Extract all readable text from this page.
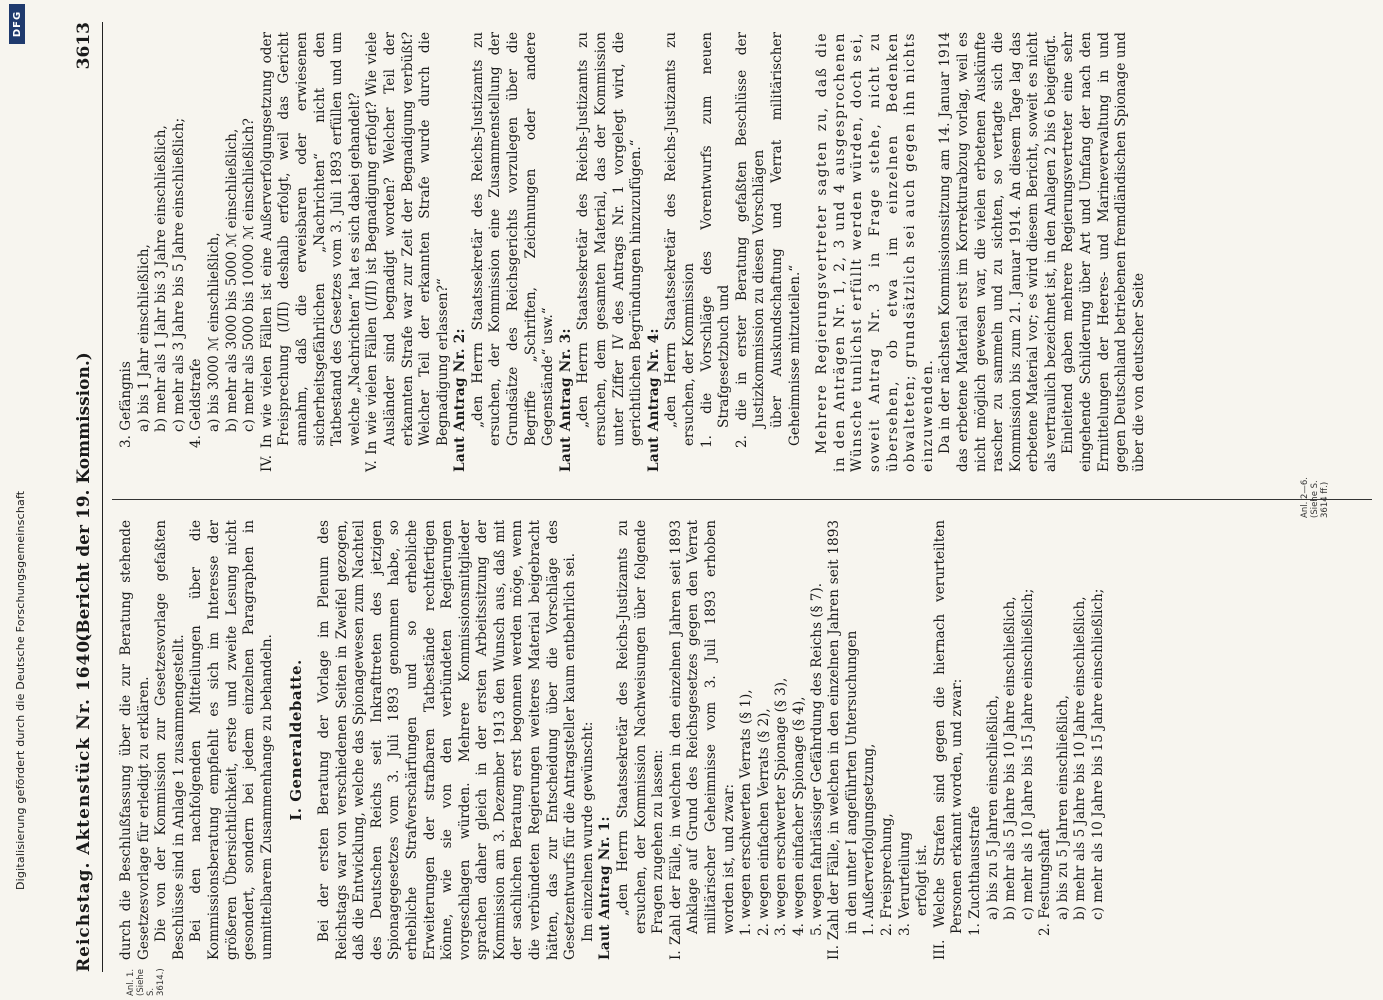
Digitalisierung gefördert durch die Deutsche Forschungsgemeinschaft
DFG
Reichstag. Aktenstück Nr. 1640.
(Bericht der 19. Kommission.)
3613
Anl. 1. (Siehe S. 3614.)
Anl. 2—6. (Siehe S. 3614 ff.)

durch die Beschlußfassung über die zur Beratung stehende Gesetzesvorlage für erledigt zu erklären. Die von der Kommission zur Gesetzesvorlage gefaßten Beschlüsse sind in Anlage 1 zusammengestellt. Bei den nachfolgenden Mitteilungen über die Kommissionsberatung empfiehlt es sich im Interesse der größeren Übersichtlichkeit, erste und zweite Lesung nicht gesondert, sondern bei jedem einzelnen Paragraphen in unmittelbarem Zusammenhange zu behandeln. I. Generaldebatte. Bei der ersten Beratung der Vorlage im Plenum des Reichstags war von verschiedenen Seiten in Zweifel gezogen, daß die Entwicklung, welche das Spionagewesen zum Nachteil des Deutschen Reichs seit Inkrafttreten des jetzigen Spionagegesetzes vom 3. Juli 1893 genommen habe, so erhebliche Strafverschärfungen und so erhebliche Erweiterungen der strafbaren Tatbestände rechtfertigen könne, wie sie von den verbündeten Regierungen vorgeschlagen würden. Mehrere Kommissionsmitglieder sprachen daher gleich in der ersten Arbeitssitzung der Kommission am 3. Dezember 1913 den Wunsch aus, daß mit der sachlichen Beratung erst begonnen werden möge, wenn die verbündeten Regierungen weiteres Material beigebracht hätten, das zur Entscheidung über die Vorschläge des Gesetzentwurfs für die Antragsteller kaum entbehrlich sei. Im einzelnen wurde gewünscht: Laut Antrag Nr. 1: „den Herrn Staatssekretär des Reichs-Justizamts zu ersuchen, der Kommission Nachweisungen über folgende Fragen zugehen zu lassen: I. Zahl der Fälle, in welchen in den einzelnen Jahren seit 1893 Anklage auf Grund des Reichsgesetzes gegen den Verrat militärischer Geheimnisse vom 3. Juli 1893 erhoben worden ist, und zwar: 1. wegen erschwerten Verrats (§ 1), 2. wegen einfachen Verrats (§ 2), 3. wegen erschwerter Spionage (§ 3), 4. wegen einfacher Spionage (§ 4), 5. wegen fahrlässiger Gefährdung des Reichs (§ 7). II. Zahl der Fälle, in welchen in den einzelnen Jahren seit 1893 in den unter I angeführten Untersuchungen 1. Außerverfolgungsetzung, 2. Freisprechung, 3. Verurteilung erfolgt ist. III. Welche Strafen sind gegen die hiernach verurteilten Personen erkannt worden, und zwar: 1. Zuchthausstrafe a) bis zu 5 Jahren einschließlich, b) mehr als 5 Jahre bis 10 Jahre einschließlich, c) mehr als 10 Jahre bis 15 Jahre einschließlich; 2. Festungshaft a) bis zu 5 Jahren einschließlich, b) mehr als 5 Jahre bis 10 Jahre einschließlich, c) mehr als 10 Jahre bis 15 Jahre einschließlich;

3. Gefängnis a) bis 1 Jahr einschließlich, b) mehr als 1 Jahr bis 3 Jahre einschließlich, c) mehr als 3 Jahre bis 5 Jahre einschließlich; 4. Geldstrafe a) bis 3000 ℳ einschließlich, b) mehr als 3000 bis 5000 ℳ einschließlich, c) mehr als 5000 bis 10000 ℳ einschließlich? IV. In wie vielen Fällen ist eine Außerverfolgungsetzung oder Freisprechung (I/II) deshalb erfolgt, weil das Gericht annahm, daß die erweisbaren oder erwiesenen sicherheitsgefährlichen „Nachrichten“ nicht den Tatbestand des Gesetzes vom 3. Juli 1893 erfüllen und um welche „Nachrichten“ hat es sich dabei gehandelt? V. In wie vielen Fällen (I/II) ist Begnadigung erfolgt? Wie viele Ausländer sind begnadigt worden? Welcher Teil der erkannten Strafe war zur Zeit der Begnadigung verbüßt? Welcher Teil der erkannten Strafe wurde durch die Begnadigung erlassen?“ Laut Antrag Nr. 2: „den Herrn Staatssekretär des Reichs-Justizamts zu ersuchen, der Kommission eine Zusammenstellung der Grundsätze des Reichsgerichts vorzulegen über die Begriffe „Schriften, Zeichnungen oder andere Gegenstände“ usw.“ Laut Antrag Nr. 3: „den Herrn Staatssekretär des Reichs-Justizamts zu ersuchen, dem gesamten Material, das der Kommission unter Ziffer IV des Antrags Nr. 1 vorgelegt wird, die gerichtlichen Begründungen hinzuzufügen.“ Laut Antrag Nr. 4: „den Herrn Staatssekretär des Reichs-Justizamts zu ersuchen, der Kommission 1. die Vorschläge des Vorentwurfs zum neuen Strafgesetzbuch und 2. die in erster Beratung gefaßten Beschlüsse der Justizkommission zu diesen Vorschlägen über Auskundschaftung und Verrat militärischer Geheimnisse mitzuteilen.“ Mehrere Regierungsvertreter sagten zu, daß die in den Anträgen Nr. 1, 2, 3 und 4 ausgesprochenen Wünsche tunlichst erfüllt werden würden, doch sei, soweit Antrag Nr. 3 in Frage stehe, nicht zu übersehen, ob etwa im einzelnen Bedenken obwalteten; grundsätzlich sei auch gegen ihn nichts einzuwenden. Da in der nächsten Kommissionssitzung am 14. Januar 1914 das erbetene Material erst im Korrekturabzug vorlag, weil es nicht möglich gewesen war, die vielen erbetenen Auskünfte rascher zu sammeln und zu sichten, so vertagte sich die Kommission bis zum 21. Januar 1914. An diesem Tage lag das erbetene Material vor; es wird diesem Bericht, soweit es nicht als vertraulich bezeichnet ist, in den Anlagen 2 bis 6 beigefügt. Einleitend gaben mehrere Regierungsvertreter eine sehr eingehende Schilderung über Art und Umfang der nach den Ermittelungen der Heeres- und Marineverwaltung in und gegen Deutschland betriebenen fremdländischen Spionage und über die von deutscher Seite
